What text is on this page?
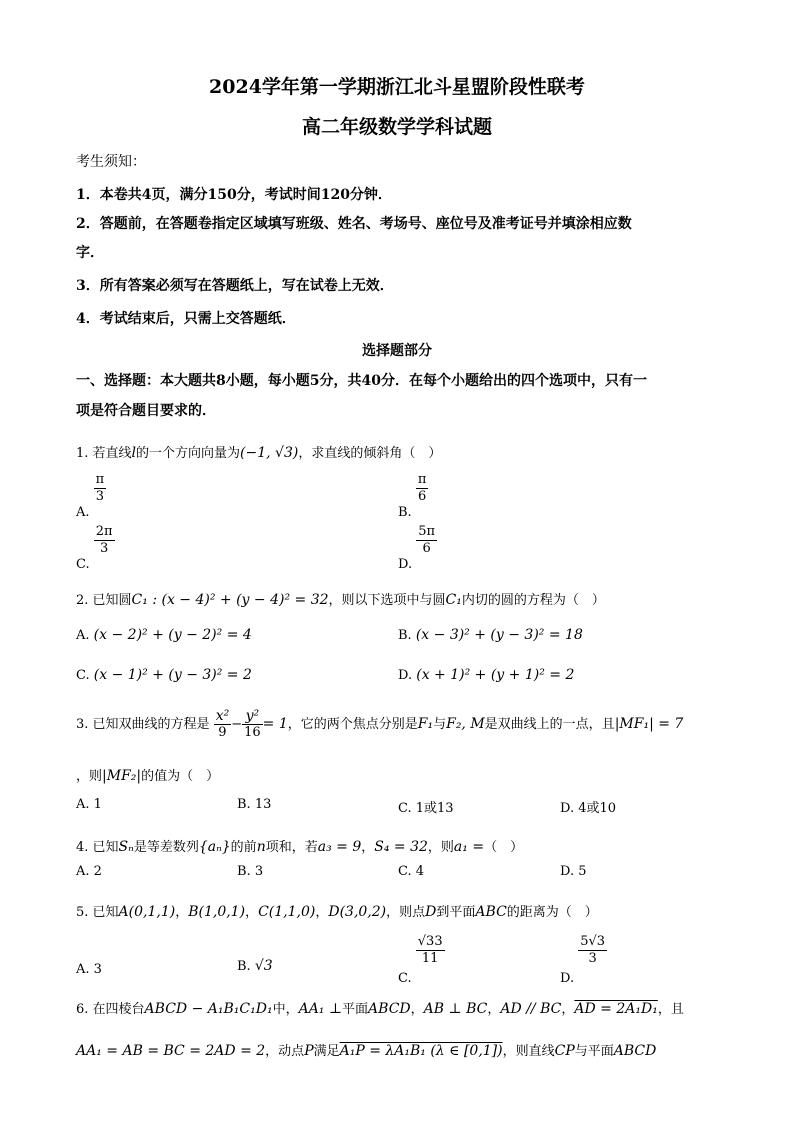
2024学年第一学期浙江北斗星盟阶段性联考
高二年级数学学科试题
考生须知：
1．本卷共4页，满分150分，考试时间120分钟．
2．答题前，在答题卷指定区域填写班级、姓名、考场号、座位号及准考证号并填涂相应数
字．
3．所有答案必须写在答题纸上，写在试卷上无效．
4．考试结束后，只需上交答题纸．
选择题部分
一、选择题：本大题共8小题，每小题5分，共40分．在每个小题给出的四个选项中，只有一
项是符合题目要求的．
1. 若直线l的一个方向向量为(−1, √3)，求直线的倾斜角（　）
A.
$\frac{\pi}{3}$
B.
$\frac{\pi}{6}$
C.
$\frac{2\pi}{3}$
D.
$\frac{5\pi}{6}$
2. 已知圆C₁ : (x − 4)² + (y − 4)² = 32，则以下选项中与圆C₁内切的圆的方程为（　）
A. (x − 2)² + (y − 2)² = 4	B. (x − 3)² + (y − 3)² = 18
C. (x − 1)² + (y − 3)² = 2	D. (x + 1)² + (y + 1)² = 2
3. 已知双曲线的方程是 $\frac{\text{x²}}{9} - \frac{\text{y²}}{16} = 1$，它的两个焦点分别是F₁与F₂, M是双曲线上的一点，且|MF₁| = 7
，则|MF₂|的值为（　）
A. 1	B. 13	C. 1或13	D. 4或10
4. 已知Sₙ是等差数列{aₙ}的前n项和，若a₃ = 9，S₄ = 32，则a₁ =（　）
A. 2	B. 3	C. 4	D. 5
5. 已知A(0,1,1)，B(1,0,1)，C(1,1,0)，D(3,0,2)，则点D到平面ABC的距离为（　）
A. 3	B. √3
C.
$\frac{√33}{11}$
D.
$\frac{5√3}{3}$
6. 在四棱台ABCD − A₁B₁C₁D₁中，AA₁ ⊥平面ABCD，AB ⊥ BC，AD // BC，AD = 2A₁D₁，且
AA₁ = AB = BC = 2AD = 2，动点P满足A₁P = λA₁B₁ (λ ∈ [0,1])，则直线CP与平面ABCD
